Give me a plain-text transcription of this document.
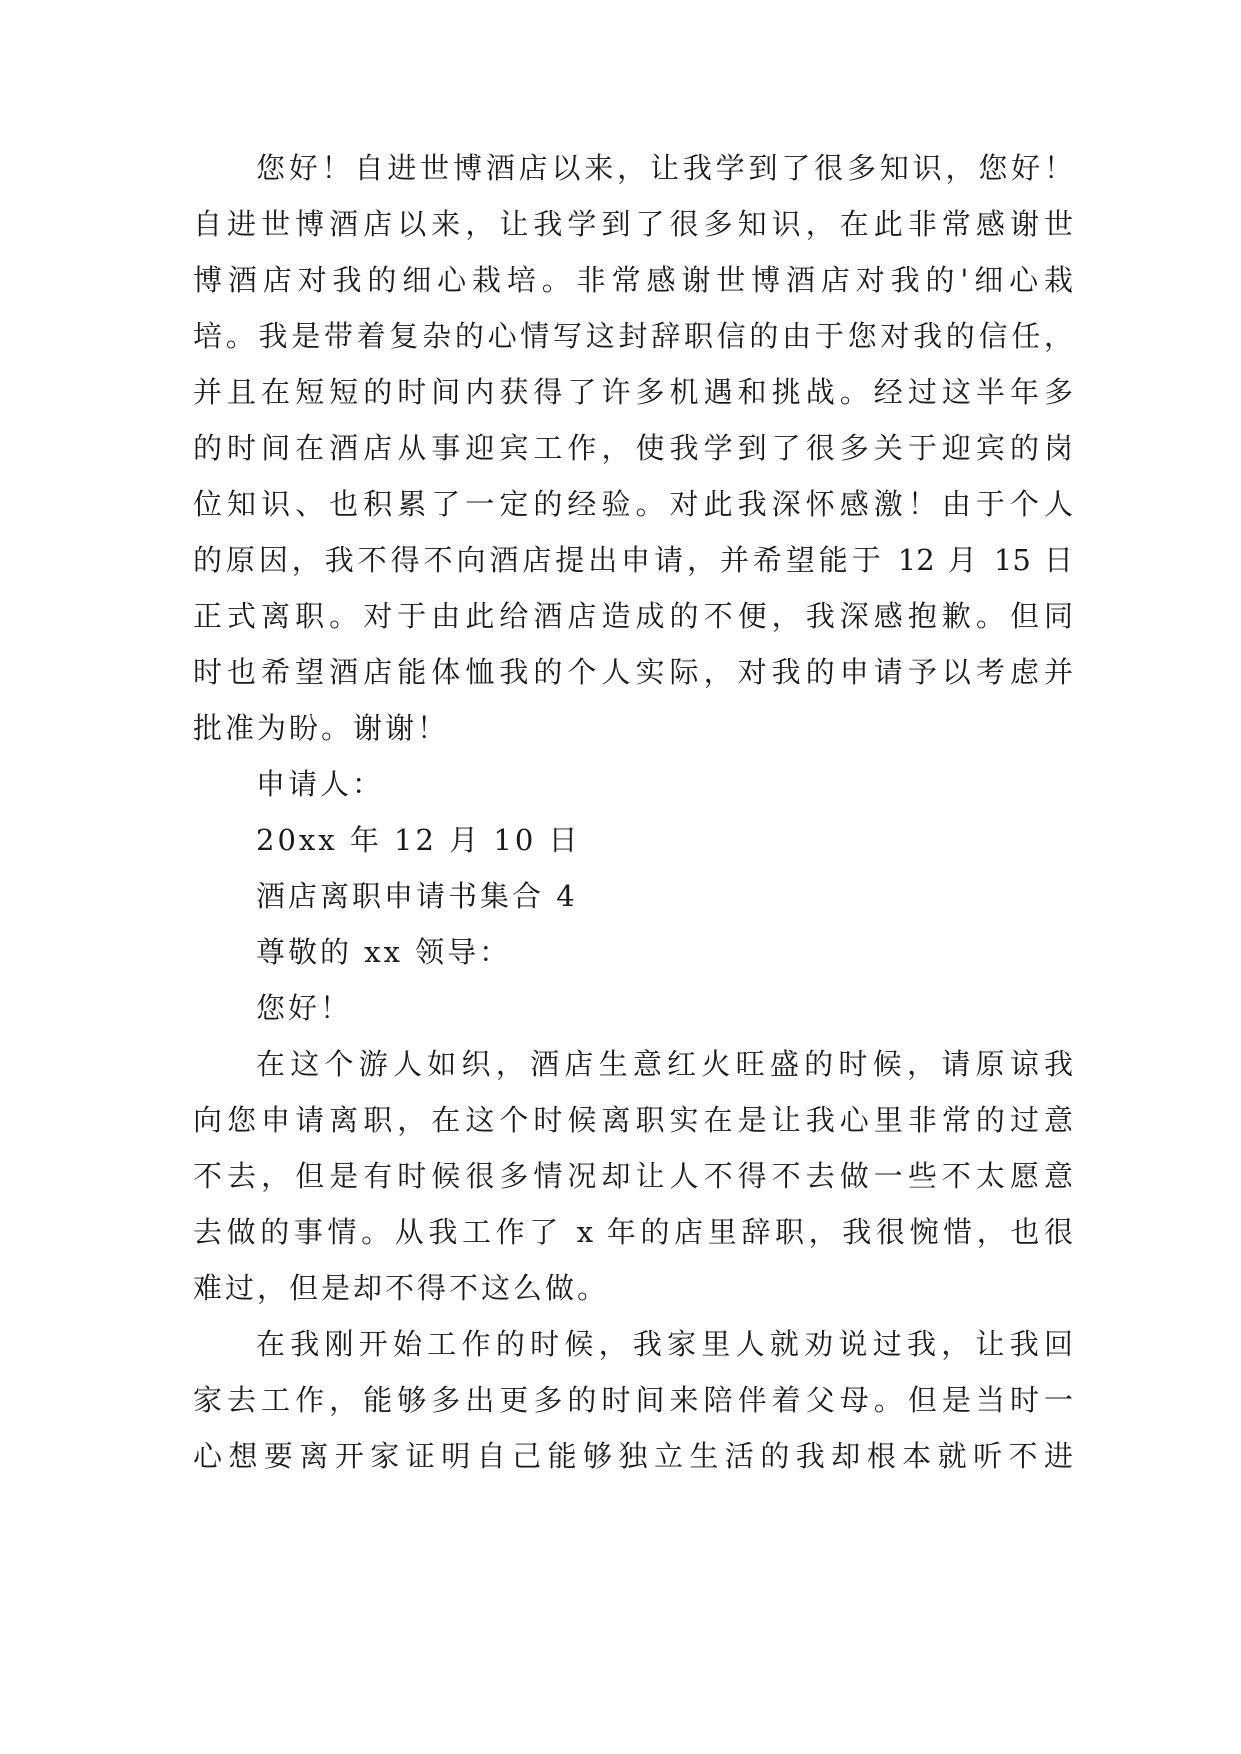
您好！自进世博酒店以来，让我学到了很多知识，您好！

自进世博酒店以来，让我学到了很多知识，在此非常感谢世

博酒店对我的细心栽培。非常感谢世博酒店对我的'细心栽

培。我是带着复杂的心情写这封辞职信的由于您对我的信任，

并且在短短的时间内获得了许多机遇和挑战。经过这半年多

的时间在酒店从事迎宾工作，使我学到了很多关于迎宾的岗

位知识、也积累了一定的经验。对此我深怀感激！由于个人

的原因，我不得不向酒店提出申请，并希望能于 12 月 15 日

正式离职。对于由此给酒店造成的不便，我深感抱歉。但同

时也希望酒店能体恤我的个人实际，对我的申请予以考虑并

批准为盼。谢谢！

申请人：

20xx 年 12 月 10 日

酒店离职申请书集合 4

尊敬的 xx 领导：

您好！

在这个游人如织，酒店生意红火旺盛的时候，请原谅我

向您申请离职，在这个时候离职实在是让我心里非常的过意

不去，但是有时候很多情况却让人不得不去做一些不太愿意

去做的事情。从我工作了 x 年的店里辞职，我很惋惜，也很

难过，但是却不得不这么做。

在我刚开始工作的时候，我家里人就劝说过我，让我回

家去工作，能够多出更多的时间来陪伴着父母。但是当时一

心想要离开家证明自己能够独立生活的我却根本就听不进
